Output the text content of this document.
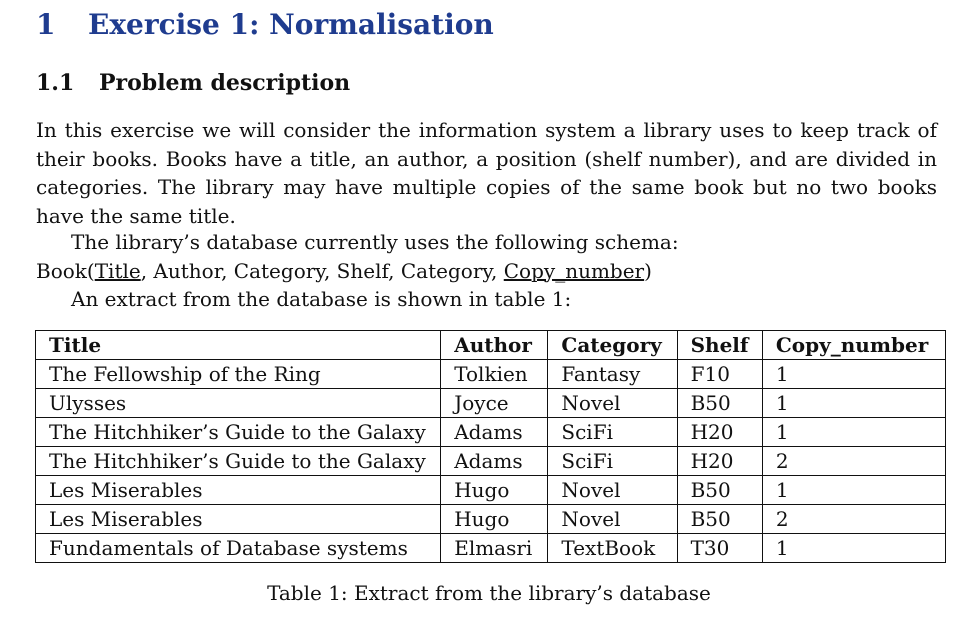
1 Exercise 1: Normalisation
1.1 Problem description

In this exercise we will consider the information system a library uses to keep track of their books. Books have a title, an author, a position (shelf number), and are divided in categories. The library may have multiple copies of the same book but no two books have the same title.

The library’s database currently uses the following schema:
Book(Title, Author, Category, Shelf, Category, Copy_number)
An extract from the database is shown in table 1:
Title	Author	Category	Shelf	Copy_number
The Fellowship of the Ring	Tolkien	Fantasy	F10	1
Ulysses	Joyce	Novel	B50	1
The Hitchhiker’s Guide to the Galaxy	Adams	SciFi	H20	1
The Hitchhiker’s Guide to the Galaxy	Adams	SciFi	H20	2
Les Miserables	Hugo	Novel	B50	1
Les Miserables	Hugo	Novel	B50	2
Fundamentals of Database systems	Elmasri	TextBook	T30	1

Table 1: Extract from the library’s database
